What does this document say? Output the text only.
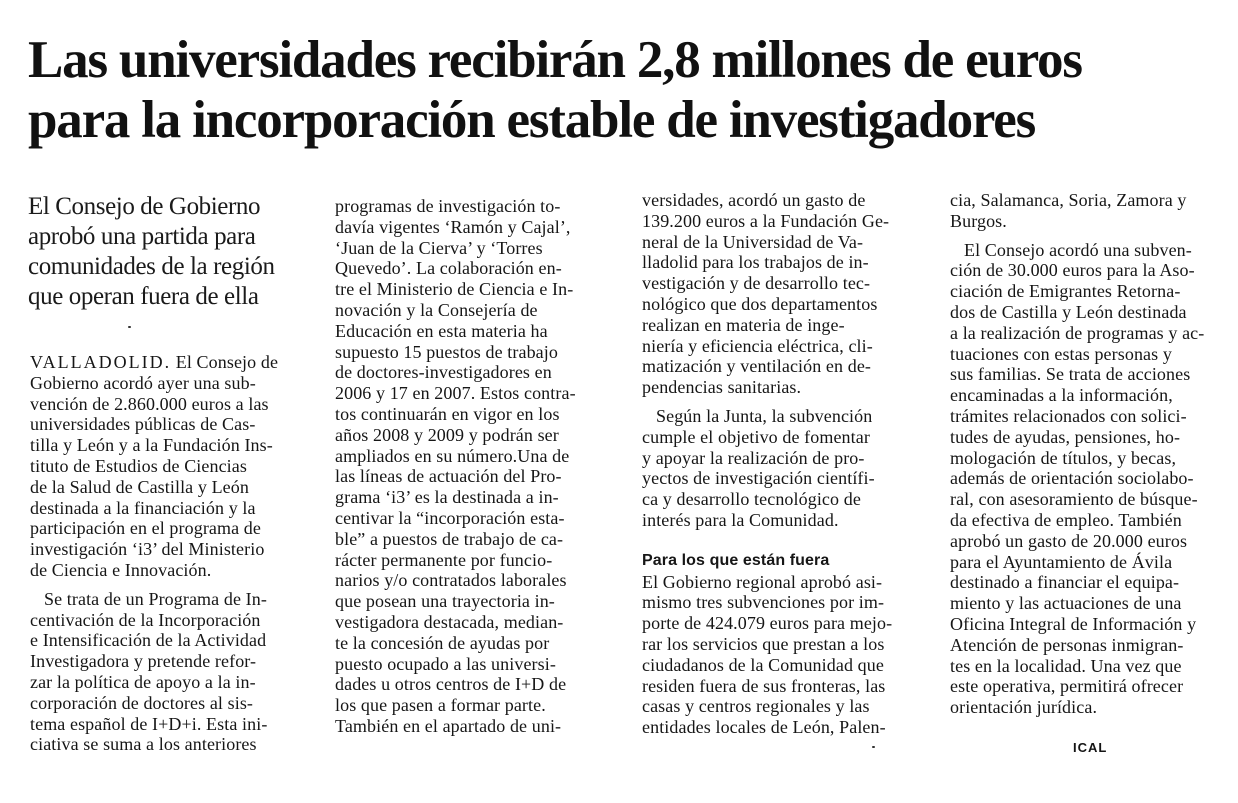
Las universidades recibirán 2,8 millones de euros
para la incorporación estable de investigadores
El Consejo de Gobierno
aprobó una partida para
comunidades de la región
que operan fuera de ella
VALLADOLID. El Consejo de
Gobierno acordó ayer una sub-
vención de 2.860.000 euros a las
universidades públicas de Cas-
tilla y León y a la Fundación Ins-
tituto de Estudios de Ciencias
de la Salud de Castilla y León
destinada a la financiación y la
participación en el programa de
investigación ‘i3’ del Ministerio
de Ciencia e Innovación.
Se trata de un Programa de In-
centivación de la Incorporación
e Intensificación de la Actividad
Investigadora y pretende refor-
zar la política de apoyo a la in-
corporación de doctores al sis-
tema español de I+D+i. Esta ini-
ciativa se suma a los anteriores
programas de investigación to-
davía vigentes ‘Ramón y Cajal’,
‘Juan de la Cierva’ y ‘Torres
Quevedo’. La colaboración en-
tre el Ministerio de Ciencia e In-
novación y la Consejería de
Educación en esta materia ha
supuesto 15 puestos de trabajo
de doctores-investigadores en
2006 y 17 en 2007. Estos contra-
tos continuarán en vigor en los
años 2008 y 2009 y podrán ser
ampliados en su número.Una de
las líneas de actuación del Pro-
grama ‘i3’ es la destinada a in-
centivar la “incorporación esta-
ble” a puestos de trabajo de ca-
rácter permanente por funcio-
narios y/o contratados laborales
que posean una trayectoria in-
vestigadora destacada, median-
te la concesión de ayudas por
puesto ocupado a las universi-
dades u otros centros de I+D de
los que pasen a formar parte.
También en el apartado de uni-
versidades, acordó un gasto de
139.200 euros a la Fundación Ge-
neral de la Universidad de Va-
lladolid para los trabajos de in-
vestigación y de desarrollo tec-
nológico que dos departamentos
realizan en materia de inge-
niería y eficiencia eléctrica, cli-
matización y ventilación en de-
pendencias sanitarias.
Según la Junta, la subvención
cumple el objetivo de fomentar
y apoyar la realización de pro-
yectos de investigación científi-
ca y desarrollo tecnológico de
interés para la Comunidad.
Para los que están fuera
El Gobierno regional aprobó asi-
mismo tres subvenciones por im-
porte de 424.079 euros para mejo-
rar los servicios que prestan a los
ciudadanos de la Comunidad que
residen fuera de sus fronteras, las
casas y centros regionales y las
entidades locales de León, Palen-
cia, Salamanca, Soria, Zamora y
Burgos.
El Consejo acordó una subven-
ción de 30.000 euros para la Aso-
ciación de Emigrantes Retorna-
dos de Castilla y León destinada
a la realización de programas y ac-
tuaciones con estas personas y
sus familias. Se trata de acciones
encaminadas a la información,
trámites relacionados con solici-
tudes de ayudas, pensiones, ho-
mologación de títulos, y becas,
además de orientación sociolabo-
ral, con asesoramiento de búsque-
da efectiva de empleo. También
aprobó un gasto de 20.000 euros
para el Ayuntamiento de Ávila
destinado a financiar el equipa-
miento y las actuaciones de una
Oficina Integral de Información y
Atención de personas inmigran-
tes en la localidad. Una vez que
este operativa, permitirá ofrecer
orientación jurídica.
ICAL
